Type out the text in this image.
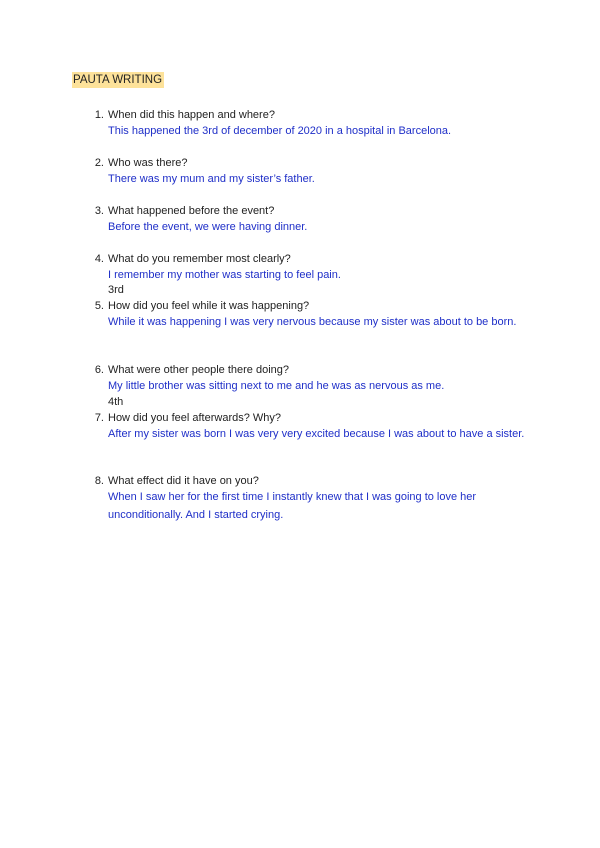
PAUTA WRITING
1. When did this happen and where?
This happened the 3rd of december of 2020 in a hospital in Barcelona.
2. Who was there?
There was my mum and my sister’s father.
3. What happened before the event?
Before the event, we were having dinner.
4. What do you remember most clearly?
I remember my mother was starting to feel pain.
3rd
5. How did you feel while it was happening?
While it was happening I was very nervous because my sister was about to be born.
6. What were other people there doing?
My little brother was sitting next to me and he was as nervous as me.
4th
7. How did you feel afterwards? Why?
After my sister was born I was very very excited because I was about to have a sister.
8. What effect did it have on you?
When I saw her for the first time I instantly knew that I was going to love her unconditionally. And I started crying.
